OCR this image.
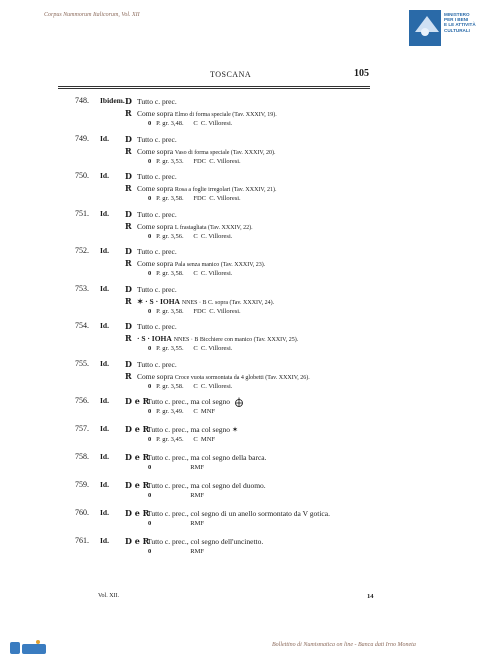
Corpus Nummorum Italicorum, Vol. XII	MINISTERO
PER I BENI
E LE ATTIVITÀ
CULTURALI
TOSCANA	105
748. Ibidem. D Tutto c. prec.
R Come sopra Elmo di forma speciale (Tav. XXXIV, 19).
0 P. gr. 3,48. C C. Villoresi.
749. Id. D Tutto c. prec.
R Come sopra Vaso di forma speciale (Tav. XXXIV, 20).
0 P. gr. 3,53. FDC C. Villoresi.
750. Id. D Tutto c. prec.
R Come sopra Rosa a foglie irregolari (Tav. XXXIV, 21).
0 P. gr. 3,58. FDC C. Villoresi.
751. Id. D Tutto c. prec.
R Come sopra L frastagliata (Tav. XXXIV, 22).
0 P. gr. 3,56. C C. Villoresi.
752. Id. D Tutto c. prec.
R Come sopra Pala senza manico (Tav. XXXIV, 23).
0 P. gr. 3,58. C C. Villoresi.
753. Id. D Tutto c. prec.
R ✶ · S · IOHA NNES · B C. sopra (Tav. XXXIV, 24).
0 P. gr. 3,58. FDC C. Villoresi.
754. Id. D Tutto c. prec.
R · S · IOHA NNES · B Bicchiere con manico (Tav. XXXIV, 25).
0 P. gr. 3,55. C C. Villoresi.
755. Id. D Tutto c. prec.
R Come sopra Croce vuota sormontata da 4 globetti (Tav. XXXIV, 26).
0 P. gr. 3,58. C C. Villoresi.
756. Id. D e RTutto c. prec., ma col segno
0 P. gr. 3,49. C MNF
757. Id. D e RTutto c. prec., ma col segno ✶
0 P. gr. 3,45. C MNF
758. Id. D e RTutto c. prec., ma col segno della barca.
0	RMF
759. Id. D e RTutto c. prec., ma col segno del duomo.
0	RMF
760. Id. D e RTutto c. prec., col segno di un anello sormontato da V gotica.
0	RMF
761. Id. D e RTutto c. prec., col segno dell'uncinetto.
0	RMF
Vol. XII.	14
Bollettino di Numismatica on line - Banca dati Irno Moneta
